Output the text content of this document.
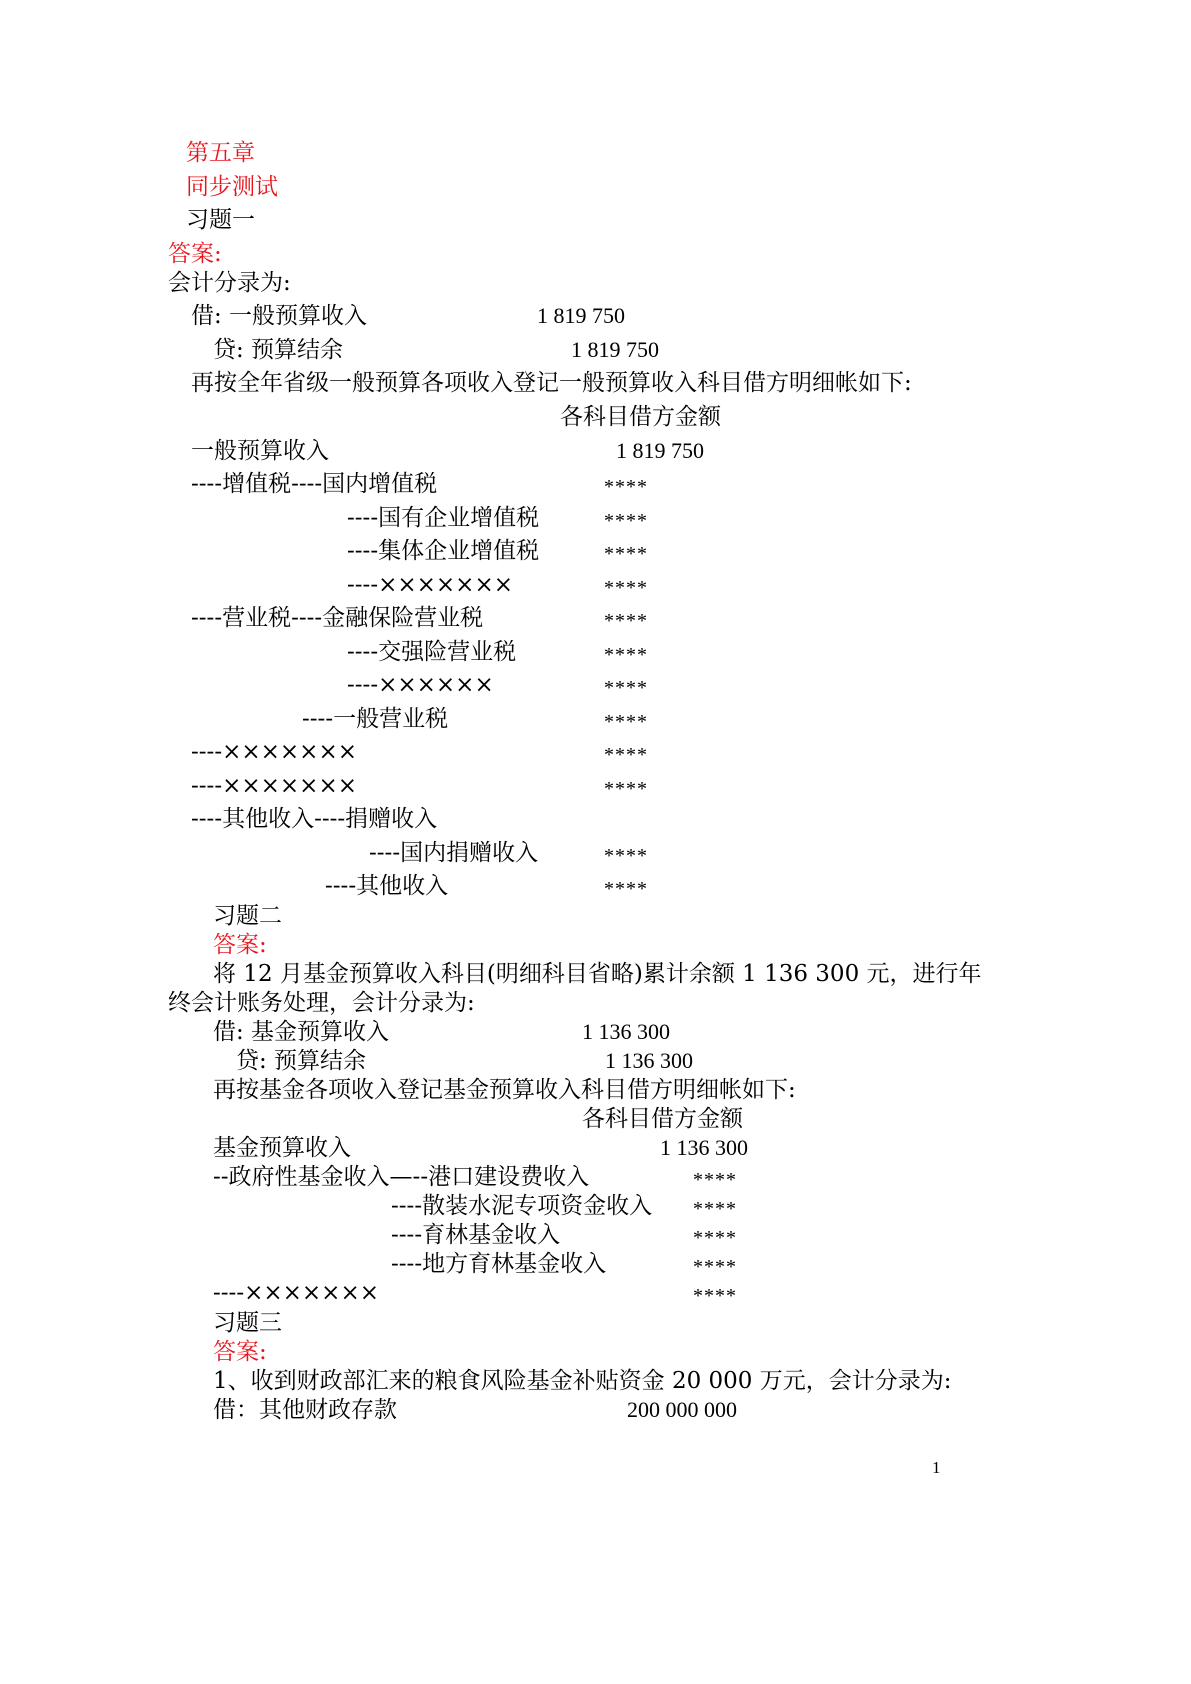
第五章
同步测试
习题一
答案:
会计分录为:
借: 一般预算收入	1 819 750
贷: 预算结余	1 819 750
再按全年省级一般预算各项收入登记一般预算收入科目借方明细帐如下:
各科目借方金额
一般预算收入	1 819 750
----增值税----国内增值税	****
----国有企业增值税	****
----集体企业增值税	****
----×××××××	****
----营业税----金融保险营业税	****
----交强险营业税	****
----××××××	****
----一般营业税	****
----×××××××	****
----×××××××	****
----其他收入----捐赠收入
----国内捐赠收入	****
----其他收入	****
习题二
答案:
将 12 月基金预算收入科目(明细科目省略)累计余额 1 136 300 元，进行年
终会计账务处理，会计分录为:
借: 基金预算收入	1 136 300
贷: 预算结余	1 136 300
再按基金各项收入登记基金预算收入科目借方明细帐如下:
各科目借方金额
基金预算收入	1 136 300
--政府性基金收入—--港口建设费收入	****
----散装水泥专项资金收入 ****
----育林基金收入	****
----地方育林基金收入	****
----×××××××	****
习题三
答案:
1、收到财政部汇来的粮食风险基金补贴资金 20 000 万元，会计分录为:
借：其他财政存款	200 000 000
1
